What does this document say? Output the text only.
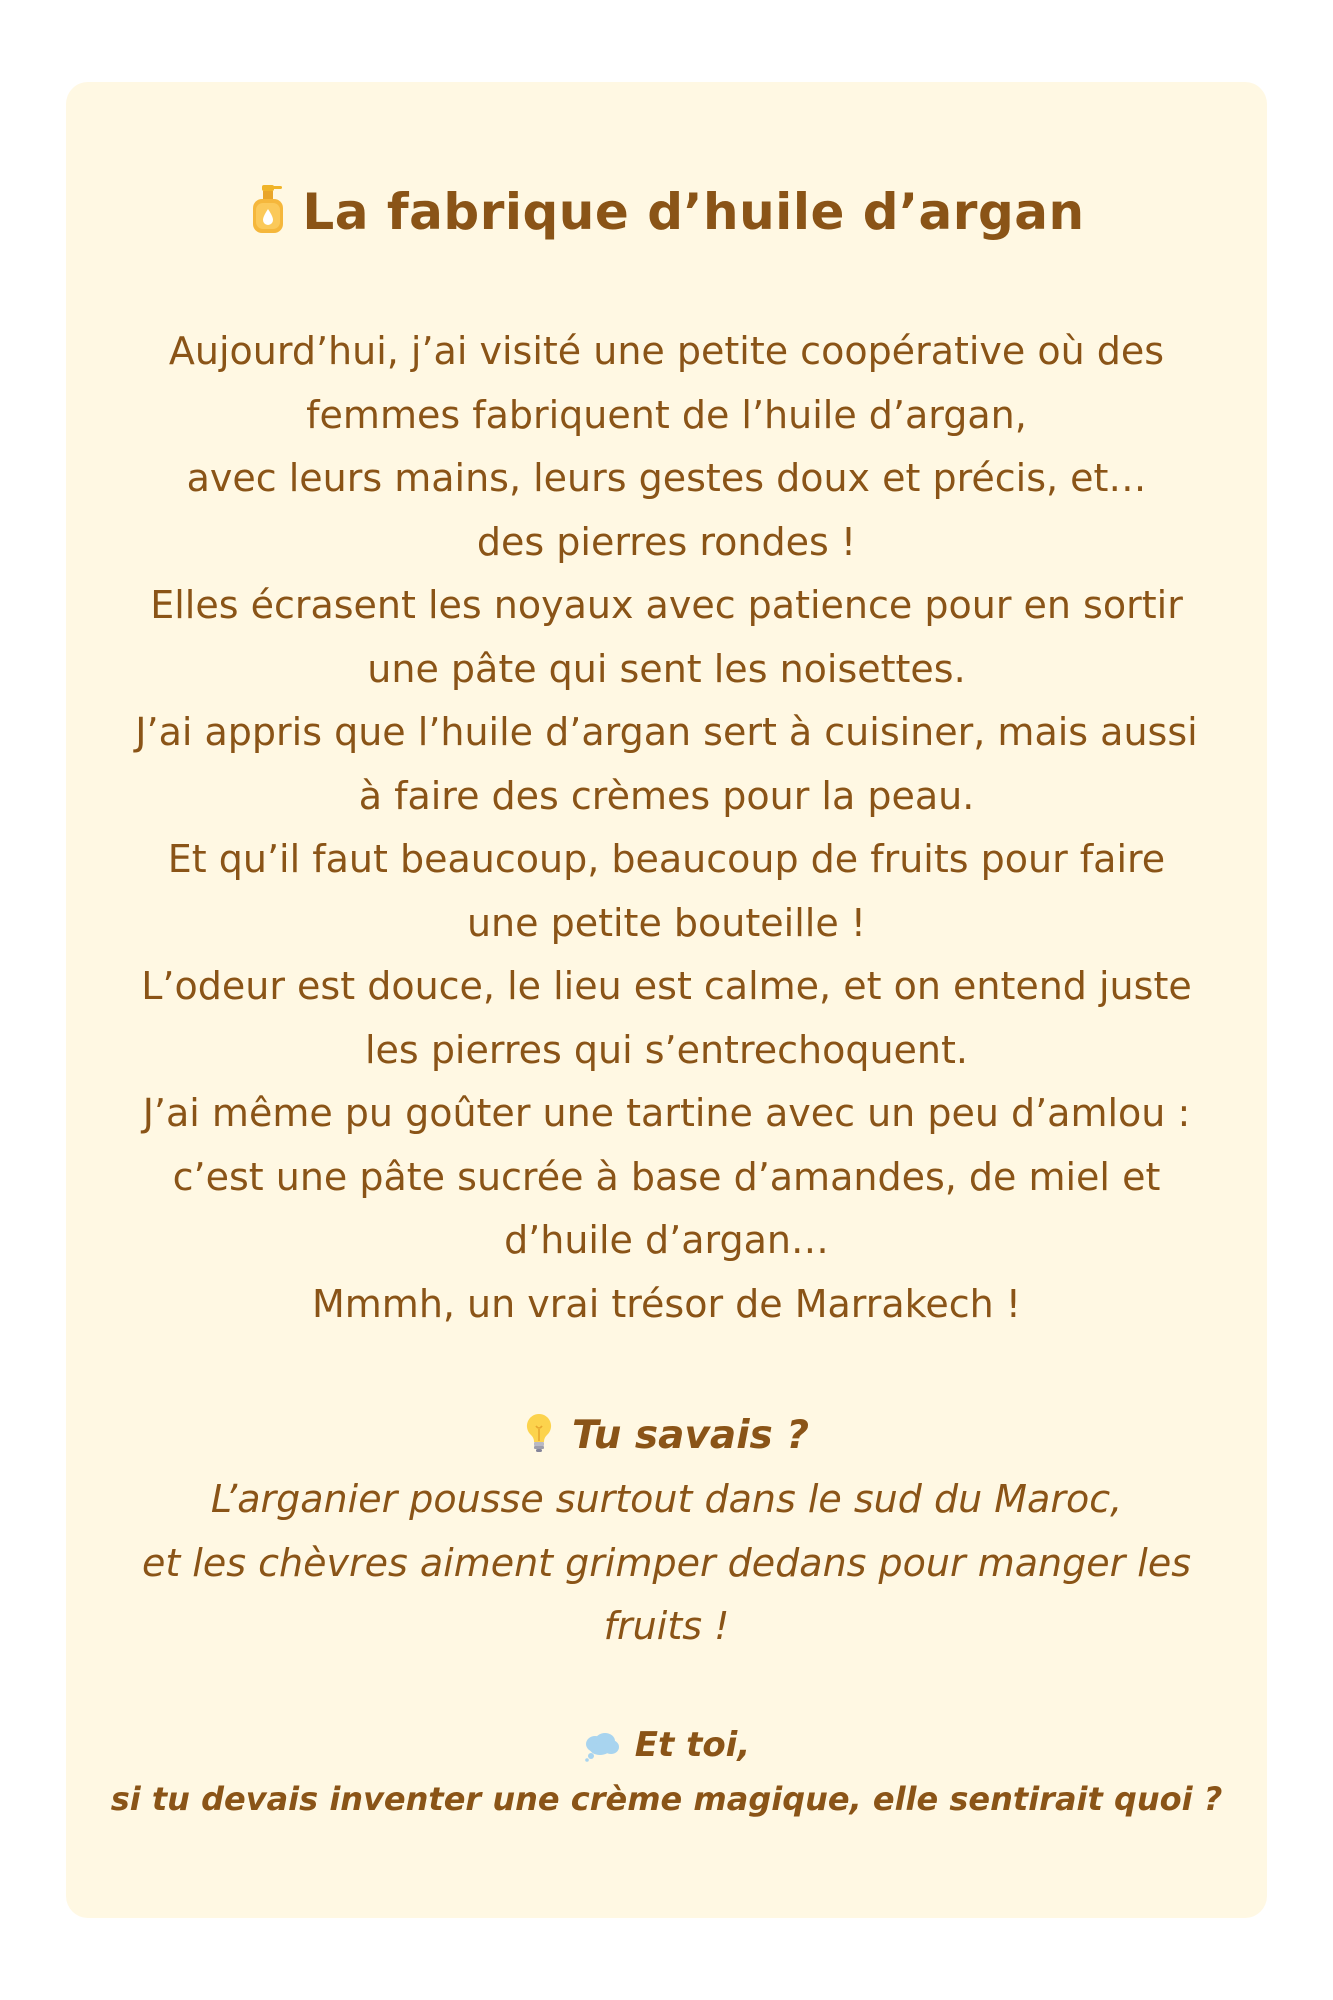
La fabrique d’huile d’argan
Aujourd’hui, j’ai visité une petite coopérative où des
femmes fabriquent de l’huile d’argan,
avec leurs mains, leurs gestes doux et précis, et…
des pierres rondes !
Elles écrasent les noyaux avec patience pour en sortir
une pâte qui sent les noisettes.
J’ai appris que l’huile d’argan sert à cuisiner, mais aussi
à faire des crèmes pour la peau.
Et qu’il faut beaucoup, beaucoup de fruits pour faire
une petite bouteille !
L’odeur est douce, le lieu est calme, et on entend juste
les pierres qui s’entrechoquent.
J’ai même pu goûter une tartine avec un peu d’amlou :
c’est une pâte sucrée à base d’amandes, de miel et
d’huile d’argan…
Mmmh, un vrai trésor de Marrakech !
Tu savais ?
L’arganier pousse surtout dans le sud du Maroc,
et les chèvres aiment grimper dedans pour manger les
fruits !
Et toi,
si tu devais inventer une crème magique, elle sentirait quoi ?
